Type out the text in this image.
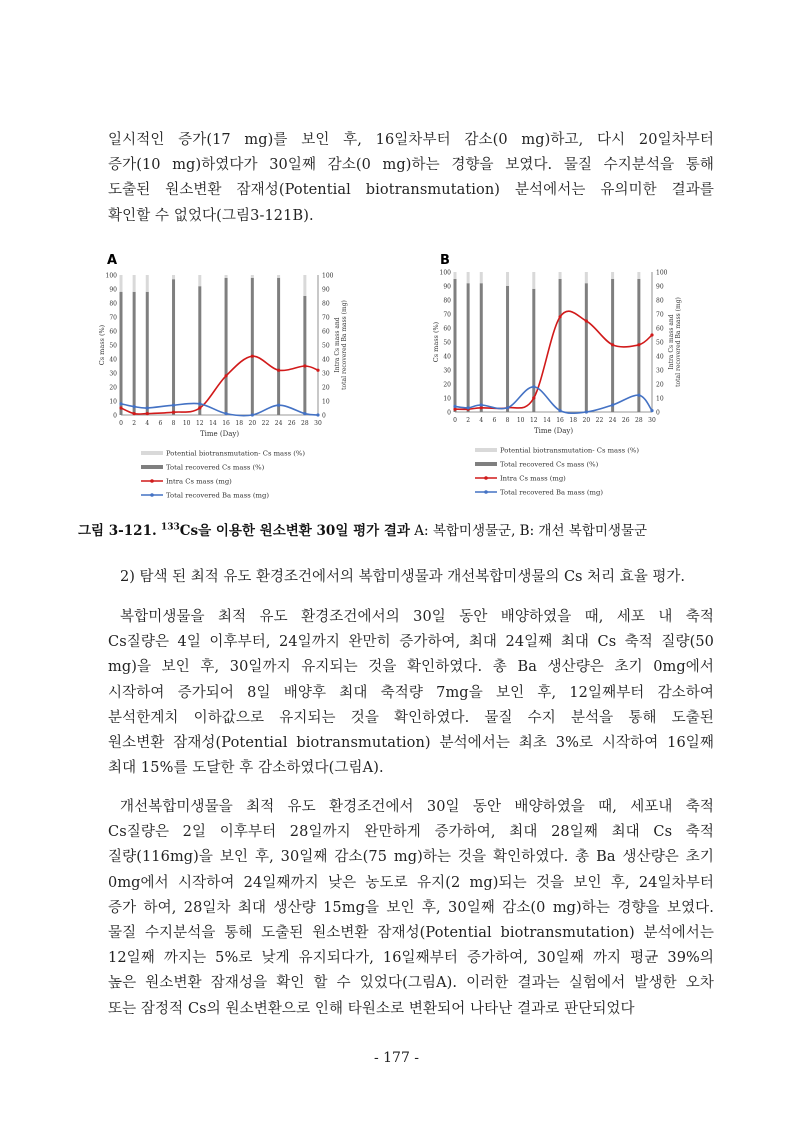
일시적인 증가(17 mg)를 보인 후, 16일차부터 감소(0 mg)하고, 다시 20일차부터
증가(10 mg)하였다가 30일째 감소(0 mg)하는 경향을 보였다. 물질 수지분석을 통해
도출된 원소변환 잠재성(Potential biotransmutation) 분석에서는 유의미한 결과를
확인할 수 없었다(그림3-121B).
A
0	0
10	10
20	20
30	30
40	40
50	50
60	60
70	70
80	80
90	90
100	100
0 2 4 6 8 10 12 14 16 18 20 22 24 26 28 30
Time (Day)
Cs mass (%)	Intra Cs mass and total recovered Ba mass (mg)
Potential biotransmutation- Cs mass (%)
Total recovered Cs mass (%)
Intra Cs mass (mg)
Total recovered Ba mass (mg)
B
0	0
10	10
20	20
30	30
40	40
50	50
60	60
70	70
80	80
90	90
100	100
0 2 4 6 8 10 12 14 16 18 20 22 24 26 28 30
Time (Day)
Cs mass (%)	Intra Cs mass and total recovered Ba mass (mg)
Potential biotransmutation- Cs mass (%)
Total recovered Cs mass (%)
Intra Cs mass (mg)
Total recovered Ba mass (mg)
그림 3-121. $^{133}$Cs을 이용한 원소변환 30일 평가 결과 A: 복합미생물군, B: 개선 복합미생물군
2) 탐색 된 최적 유도 환경조건에서의 복합미생물과 개선복합미생물의 Cs 처리 효율 평가.
복합미생물을 최적 유도 환경조건에서의 30일 동안 배양하였을 때, 세포 내 축적
Cs질량은 4일 이후부터, 24일까지 완만히 증가하여, 최대 24일째 최대 Cs 축적 질량(50
mg)을 보인 후, 30일까지 유지되는 것을 확인하였다. 총 Ba 생산량은 초기 0mg에서
시작하여 증가되어 8일 배양후 최대 축적량 7mg을 보인 후, 12일째부터 감소하여
분석한계치 이하값으로 유지되는 것을 확인하였다. 물질 수지 분석을 통해 도출된
원소변환 잠재성(Potential biotransmutation) 분석에서는 최초 3%로 시작하여 16일째
최대 15%를 도달한 후 감소하였다(그림A).
개선복합미생물을 최적 유도 환경조건에서 30일 동안 배양하였을 때, 세포내 축적
Cs질량은 2일 이후부터 28일까지 완만하게 증가하여, 최대 28일째 최대 Cs 축적
질량(116mg)을 보인 후, 30일째 감소(75 mg)하는 것을 확인하였다. 총 Ba 생산량은 초기
0mg에서 시작하여 24일째까지 낮은 농도로 유지(2 mg)되는 것을 보인 후, 24일차부터
증가 하여, 28일차 최대 생산량 15mg을 보인 후, 30일째 감소(0 mg)하는 경향을 보였다.
물질 수지분석을 통해 도출된 원소변환 잠재성(Potential biotransmutation) 분석에서는
12일째 까지는 5%로 낮게 유지되다가, 16일째부터 증가하여, 30일째 까지 평균 39%의
높은 원소변환 잠재성을 확인 할 수 있었다(그림A). 이러한 결과는 실험에서 발생한 오차
또는 잠정적 Cs의 원소변환으로 인해 타원소로 변환되어 나타난 결과로 판단되었다
- 177 -
